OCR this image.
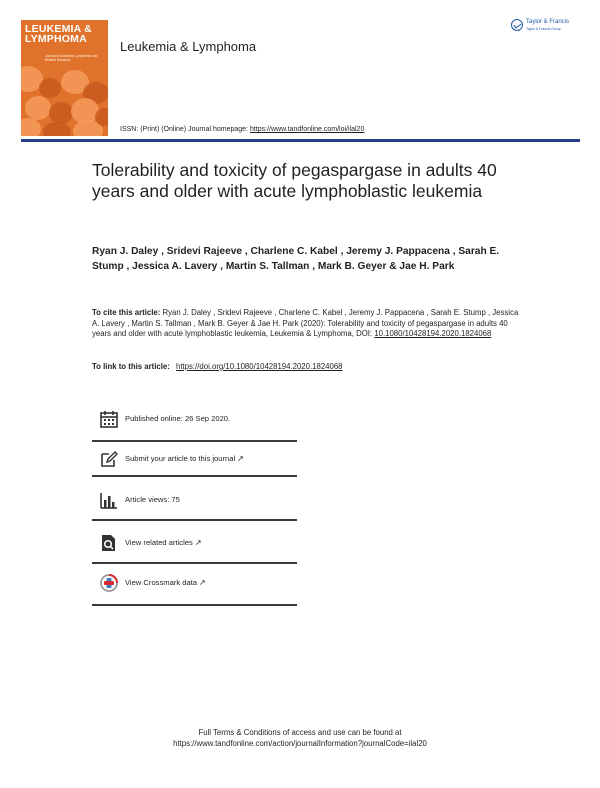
LEUKEMIA &
LYMPHOMA
Journal of Leukemia, Lymphoma and Related Disorders
Leukemia & Lymphoma
Taylor & Francis
Taylor & Francis Group
ISSN: (Print) (Online) Journal homepage: https://www.tandfonline.com/loi/ilal20
Tolerability and toxicity of pegaspargase in adults 40 years and older with acute lymphoblastic leukemia
Ryan J. Daley , Sridevi Rajeeve , Charlene C. Kabel , Jeremy J. Pappacena , Sarah E. Stump , Jessica A. Lavery , Martin S. Tallman , Mark B. Geyer & Jae H. Park
To cite this article: Ryan J. Daley , Sridevi Rajeeve , Charlene C. Kabel , Jeremy J. Pappacena , Sarah E. Stump , Jessica A. Lavery , Martin S. Tallman , Mark B. Geyer & Jae H. Park (2020): Tolerability and toxicity of pegaspargase in adults 40 years and older with acute lymphoblastic leukemia, Leukemia & Lymphoma, DOI: 10.1080/10428194.2020.1824068
To link to this article: https://doi.org/10.1080/10428194.2020.1824068
Published online: 26 Sep 2020.
Submit your article to this journal ↗
Article views: 75
View related articles ↗
View Crossmark data ↗
Full Terms & Conditions of access and use can be found at
https://www.tandfonline.com/action/journalInformation?journalCode=ilal20
